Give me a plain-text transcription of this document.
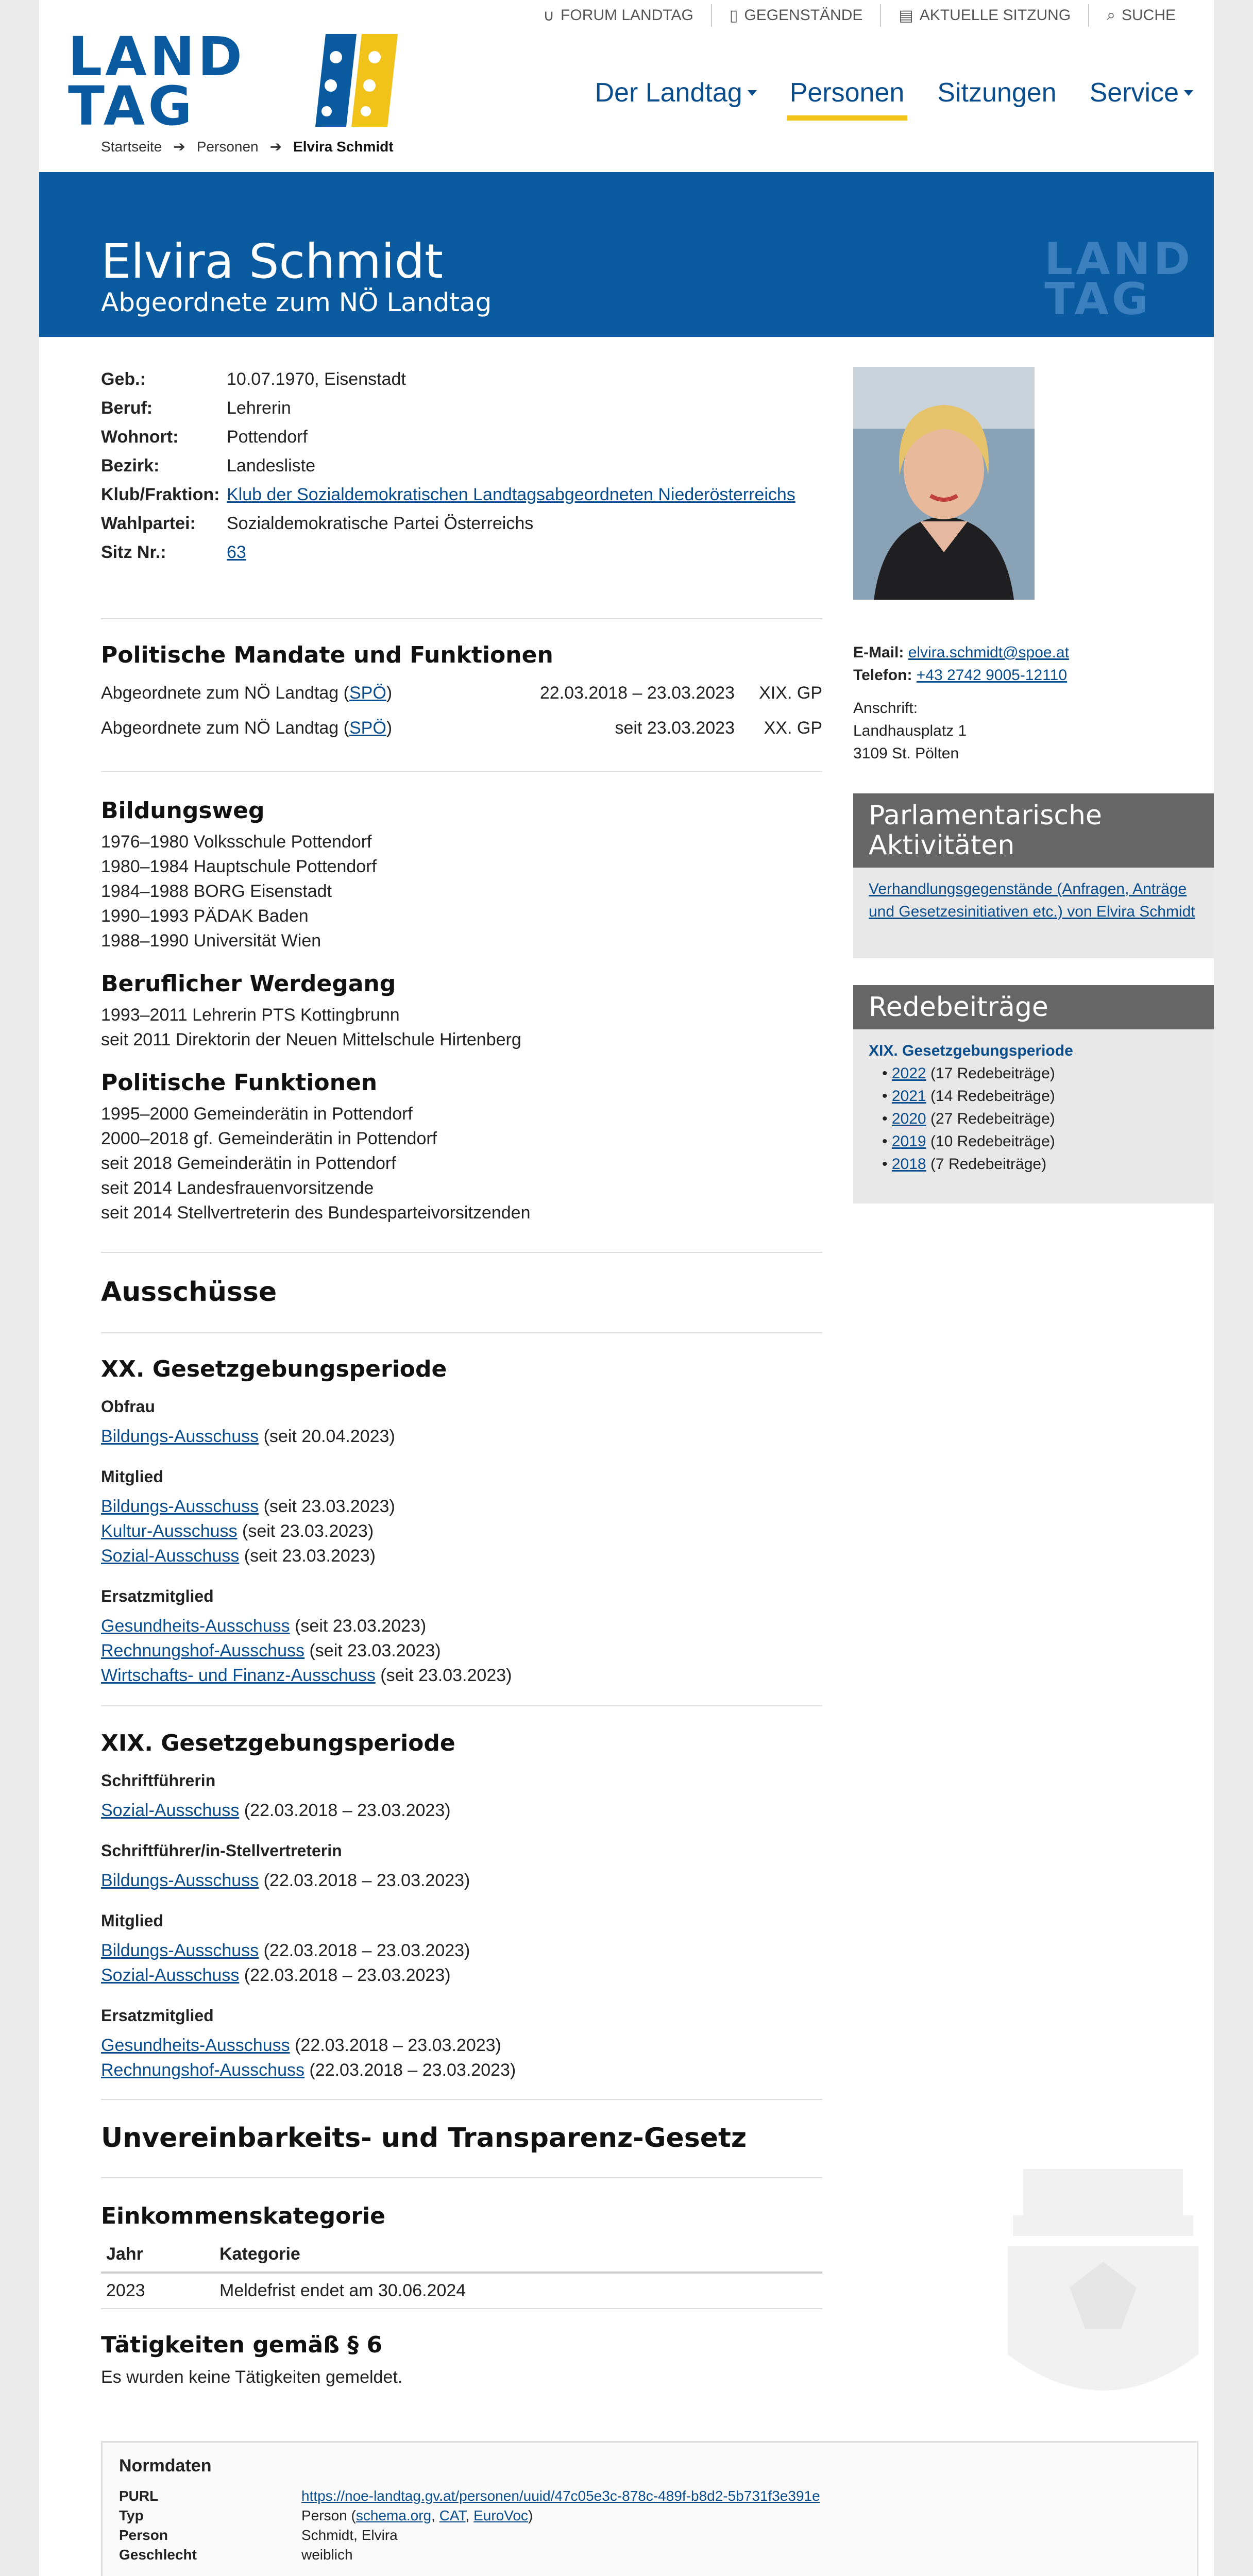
LAND
TAG
Startseite ➔ Personen ➔ Elvira Schmidt
∪ FORUM LANDTAG ▯ GEGENSTÄNDE ▤ AKTUELLE SITZUNG ⌕ SUCHE
Der Landtag Personen Sitzungen Service
Elvira Schmidt
Abgeordnete zum NÖ Landtag
LAND
TAG
Geb.:	10.07.1970, Eisenstadt
Beruf:	Lehrerin
Wohnort:	Pottendorf
Bezirk:	Landesliste
Klub/Fraktion: Klub der Sozialdemokratischen Landtagsabgeordneten Niederösterreichs
Wahlpartei:	Sozialdemokratische Partei Österreichs
Sitz Nr.:	63
Politische Mandate und Funktionen
Abgeordnete zum NÖ Landtag (SPÖ)	22.03.2018 – 23.03.2023	XIX. GP
Abgeordnete zum NÖ Landtag (SPÖ)	seit 23.03.2023	XX. GP
Bildungsweg
1976–1980 Volksschule Pottendorf
1980–1984 Hauptschule Pottendorf
1984–1988 BORG Eisenstadt
1990–1993 PÄDAK Baden
1988–1990 Universität Wien
Beruflicher Werdegang
1993–2011 Lehrerin PTS Kottingbrunn
seit 2011 Direktorin der Neuen Mittelschule Hirtenberg
Politische Funktionen
1995–2000 Gemeinderätin in Pottendorf
2000–2018 gf. Gemeinderätin in Pottendorf
seit 2018 Gemeinderätin in Pottendorf
seit 2014 Landesfrauenvorsitzende
seit 2014 Stellvertreterin des Bundesparteivorsitzenden
Ausschüsse
XX. Gesetzgebungsperiode
Obfrau
Bildungs-Ausschuss (seit 20.04.2023)
Mitglied
Bildungs-Ausschuss (seit 23.03.2023)
Kultur-Ausschuss (seit 23.03.2023)
Sozial-Ausschuss (seit 23.03.2023)
Ersatzmitglied
Gesundheits-Ausschuss (seit 23.03.2023)
Rechnungshof-Ausschuss (seit 23.03.2023)
Wirtschafts- und Finanz-Ausschuss (seit 23.03.2023)
XIX. Gesetzgebungsperiode
Schriftführerin
Sozial-Ausschuss (22.03.2018 – 23.03.2023)
Schriftführer/in-Stellvertreterin
Bildungs-Ausschuss (22.03.2018 – 23.03.2023)
Mitglied
Bildungs-Ausschuss (22.03.2018 – 23.03.2023)
Sozial-Ausschuss (22.03.2018 – 23.03.2023)
Ersatzmitglied
Gesundheits-Ausschuss (22.03.2018 – 23.03.2023)
Rechnungshof-Ausschuss (22.03.2018 – 23.03.2023)
Unvereinbarkeits- und Transparenz-Gesetz
Einkommenskategorie
Jahr	Kategorie
2023	Meldefrist endet am 30.06.2024
Tätigkeiten gemäß § 6
Es wurden keine Tätigkeiten gemeldet.
E-Mail: elvira.schmidt@spoe.at
Telefon: +43 2742 9005-12110
Anschrift:
Landhausplatz 1
3109 St. Pölten
Parlamentarische Aktivitäten
Verhandlungsgegenstände (Anfragen, Anträge und Gesetzesinitiativen etc.) von Elvira Schmidt
Redebeiträge
XIX. Gesetzgebungsperiode
• 2022 (17 Redebeiträge)
• 2021 (14 Redebeiträge)
• 2020 (27 Redebeiträge)
• 2019 (10 Redebeiträge)
• 2018 (7 Redebeiträge)
Normdaten
PURL	https://noe-landtag.gv.at/personen/uuid/47c05e3c-878c-489f-b8d2-5b731f3e391e
Typ	Person (schema.org, CAT, EuroVoc)
Person	Schmidt, Elvira
Geschlecht	weiblich
